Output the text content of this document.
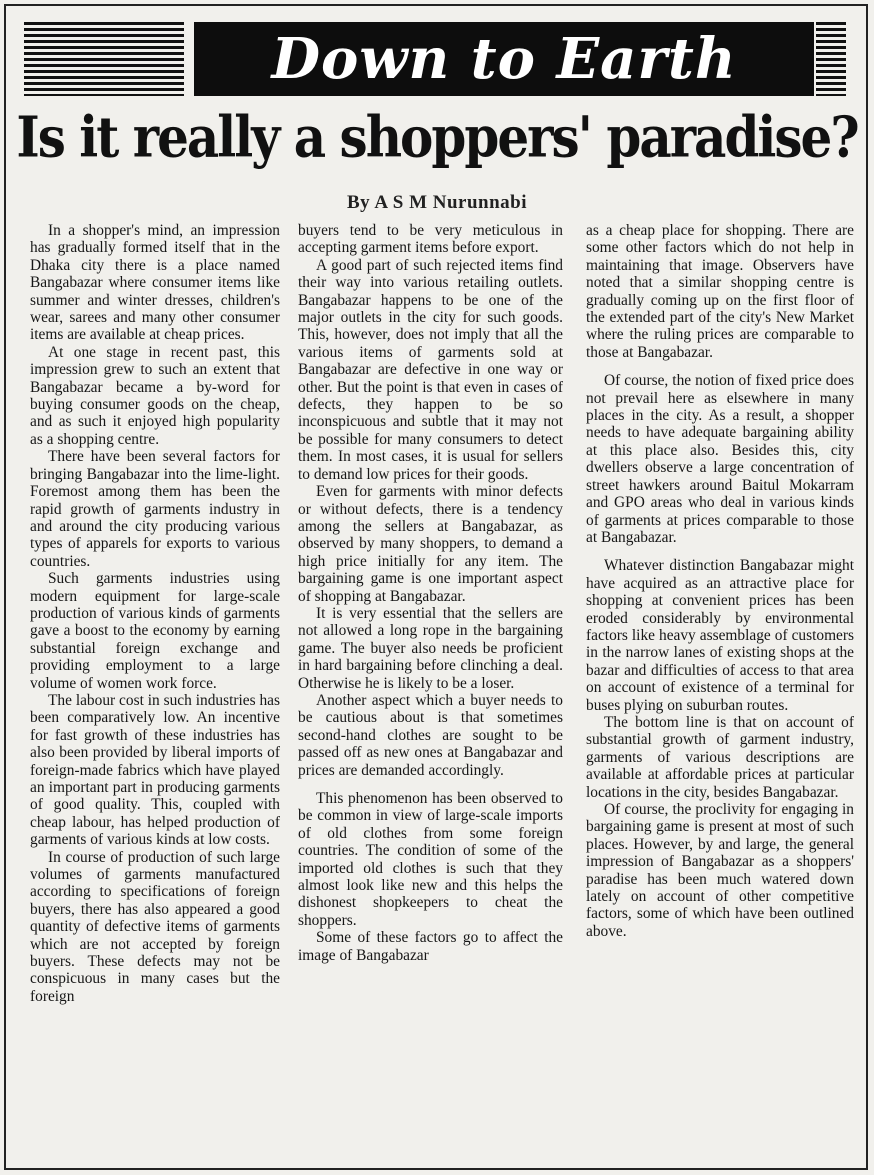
Down to Earth
Is it really a shoppers' paradise?
By A S M Nurunnabi

In a shopper's mind, an impression has gradually formed itself that in the Dhaka city there is a place named Bangabazar where consumer items like summer and winter dresses, children's wear, sarees and many other consumer items are available at cheap prices.

At one stage in recent past, this impression grew to such an extent that Bangabazar became a by-word for buying consumer goods on the cheap, and as such it enjoyed high popularity as a shopping centre.

There have been several factors for bringing Bangabazar into the lime-light. Foremost among them has been the rapid growth of garments industry in and around the city producing various types of apparels for exports to various countries.

Such garments industries using modern equipment for large-scale production of various kinds of garments gave a boost to the economy by earning substantial foreign exchange and providing employment to a large volume of women work force.

The labour cost in such industries has been comparatively low. An incentive for fast growth of these industries has also been provided by liberal imports of foreign-made fabrics which have played an important part in producing garments of good quality. This, coupled with cheap labour, has helped production of garments of various kinds at low costs.

In course of production of such large volumes of garments manufactured according to specifications of foreign buyers, there has also appeared a good quantity of defective items of garments which are not accepted by foreign buyers. These defects may not be conspicuous in many cases but the foreign

buyers tend to be very meticulous in accepting garment items before export.

A good part of such rejected items find their way into various retailing outlets. Bangabazar happens to be one of the major outlets in the city for such goods. This, however, does not imply that all the various items of garments sold at Bangabazar are defective in one way or other. But the point is that even in cases of defects, they happen to be so inconspicuous and subtle that it may not be possible for many consumers to detect them. In most cases, it is usual for sellers to demand low prices for their goods.

Even for garments with minor defects or without defects, there is a tendency among the sellers at Bangabazar, as observed by many shoppers, to demand a high price initially for any item. The bargaining game is one important aspect of shopping at Bangabazar.

It is very essential that the sellers are not allowed a long rope in the bargaining game. The buyer also needs be proficient in hard bargaining before clinching a deal. Otherwise he is likely to be a loser.

Another aspect which a buyer needs to be cautious about is that sometimes second-hand clothes are sought to be passed off as new ones at Bangabazar and prices are demanded accordingly.

This phenomenon has been observed to be common in view of large-scale imports of old clothes from some foreign countries. The condition of some of the imported old clothes is such that they almost look like new and this helps the dishonest shopkeepers to cheat the shoppers.

Some of these factors go to affect the image of Bangabazar

as a cheap place for shopping. There are some other factors which do not help in maintaining that image. Observers have noted that a similar shopping centre is gradually coming up on the first floor of the extended part of the city's New Market where the ruling prices are comparable to those at Bangabazar.

Of course, the notion of fixed price does not prevail here as elsewhere in many places in the city. As a result, a shopper needs to have adequate bargaining ability at this place also. Besides this, city dwellers observe a large concentration of street hawkers around Baitul Mokarram and GPO areas who deal in various kinds of garments at prices comparable to those at Bangabazar.

Whatever distinction Bangabazar might have acquired as an attractive place for shopping at convenient prices has been eroded considerably by environmental factors like heavy assemblage of customers in the narrow lanes of existing shops at the bazar and difficulties of access to that area on account of existence of a terminal for buses plying on suburban routes.

The bottom line is that on account of substantial growth of garment industry, garments of various descriptions are available at affordable prices at particular locations in the city, besides Bangabazar.

Of course, the proclivity for engaging in bargaining game is present at most of such places. However, by and large, the general impression of Bangabazar as a shoppers' paradise has been much watered down lately on account of other competitive factors, some of which have been outlined above.
